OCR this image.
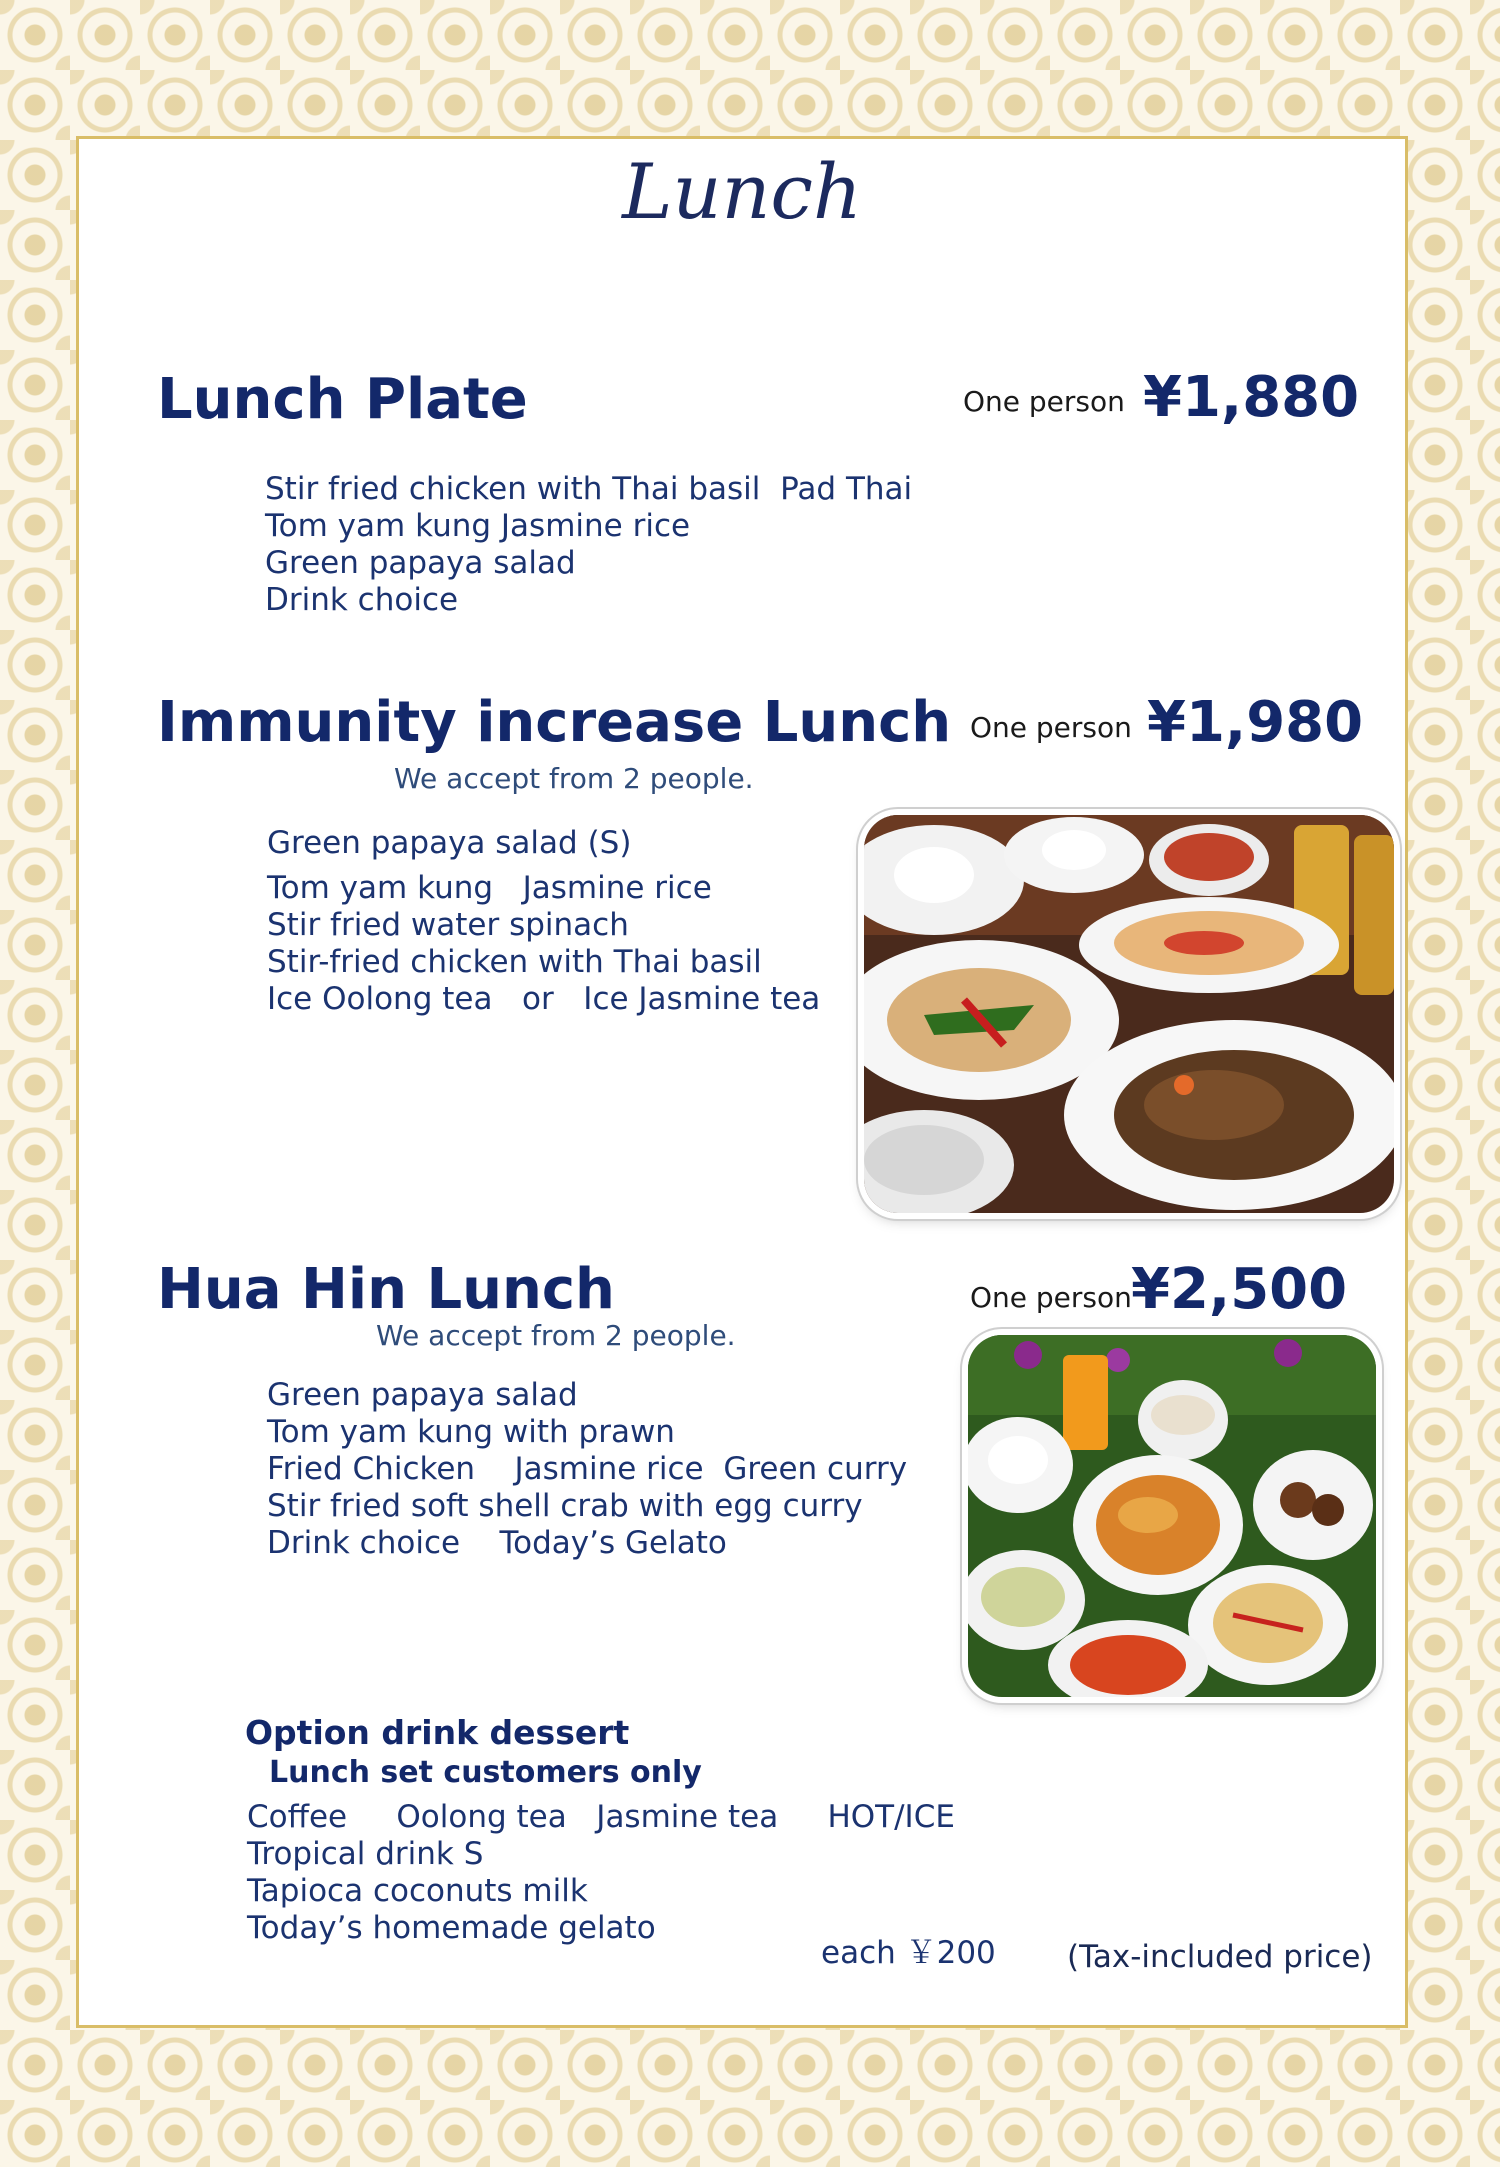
Lunch
Lunch Plate	One person ¥1,880
Stir fried chicken with Thai basil  Pad Thai
Tom yam kung Jasmine rice
Green papaya salad
Drink choice
Immunity increase Lunch One person ¥1,980
We accept from 2 people.
Green papaya salad (S)
Tom yam kung   Jasmine rice
Stir fried water spinach
Stir-fried chicken with Thai basil
Ice Oolong tea   or   Ice Jasmine tea
Hua Hin Lunch	One person ¥2,500
We accept from 2 people.
Green papaya salad
Tom yam kung with prawn
Fried Chicken    Jasmine rice  Green curry
Stir fried soft shell crab with egg curry
Drink choice    Today’s Gelato
Option drink dessert
Lunch set customers only
Coffee     Oolong tea   Jasmine tea     HOT/ICE
Tropical drink S
Tapioca coconuts milk
Today’s homemade gelato
each ￥200 (Tax-included price)
